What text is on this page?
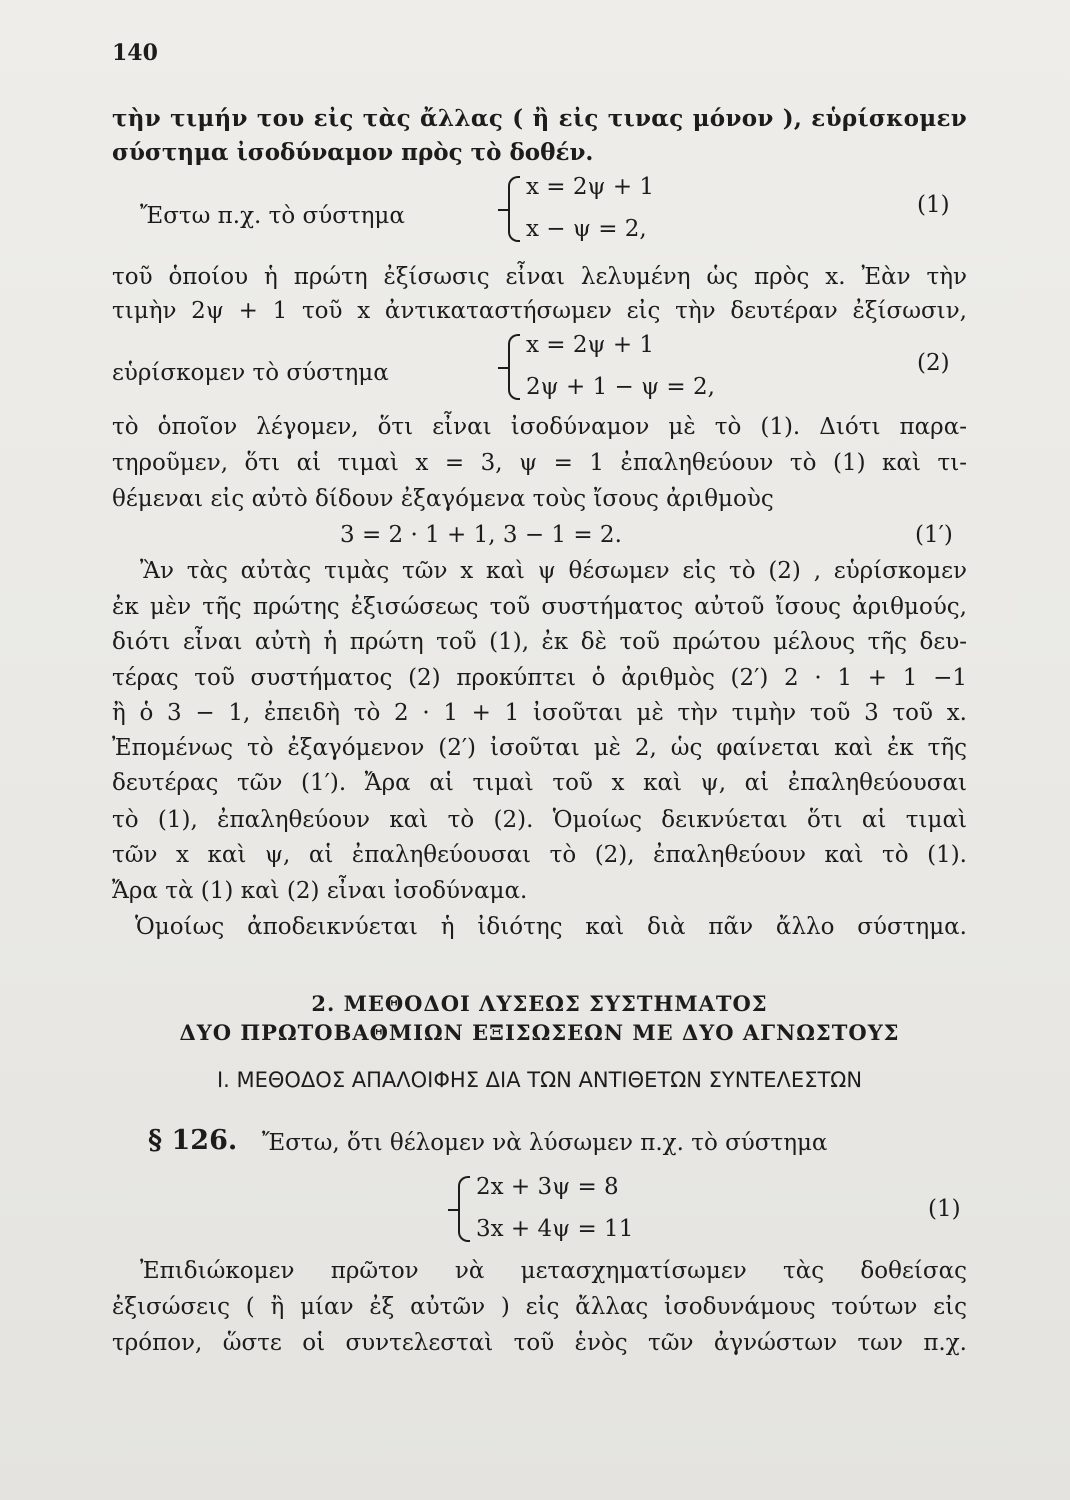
140
τὴν τιμήν του εἰς τὰς ἄλλας ( ἢ εἰς τινας μόνον ), εὑρίσκομεν
σύστημα ἰσοδύναμον πρὸς τὸ δοθέν.
Ἔστω π.χ. τὸ σύστημα
x = 2ψ + 1
x − ψ = 2,
(1)
τοῦ ὁποίου ἡ πρώτη ἐξίσωσις εἶναι λελυμένη ὡς πρὸς x. Ἐὰν τὴν
τιμὴν 2ψ + 1 τοῦ x ἀντικαταστήσωμεν εἰς τὴν δευτέραν ἐξίσωσιν,
εὑρίσκομεν τὸ σύστημα
x = 2ψ + 1
2ψ + 1 − ψ = 2,
(2)
τὸ ὁποῖον λέγομεν, ὅτι εἶναι ἰσοδύναμον μὲ τὸ (1). Διότι παρα-
τηροῦμεν, ὅτι αἱ τιμαὶ x = 3, ψ = 1 ἐπαληθεύουν τὸ (1) καὶ τι-
θέμεναι εἰς αὐτὸ δίδουν ἐξαγόμενα τοὺς ἴσους ἀριθμοὺς
3 = 2 · 1 + 1, 3 − 1 = 2.	(1′)
Ἂν τὰς αὐτὰς τιμὰς τῶν x καὶ ψ θέσωμεν εἰς τὸ (2) , εὑρίσκομεν
ἐκ μὲν τῆς πρώτης ἐξισώσεως τοῦ συστήματος αὐτοῦ ἴσους ἀριθμούς,
διότι εἶναι αὐτὴ ἡ πρώτη τοῦ (1), ἐκ δὲ τοῦ πρώτου μέλους τῆς δευ-
τέρας τοῦ συστήματος (2) προκύπτει ὁ ἀριθμὸς (2′) 2 · 1 + 1 −1
ἢ ὁ 3 − 1, ἐπειδὴ τὸ 2 · 1 + 1 ἰσοῦται μὲ τὴν τιμὴν τοῦ 3 τοῦ x.
Ἐπομένως τὸ ἐξαγόμενον (2′) ἰσοῦται μὲ 2, ὡς φαίνεται καὶ ἐκ τῆς
δευτέρας τῶν (1′). Ἄρα αἱ τιμαὶ τοῦ x καὶ ψ, αἱ ἐπαληθεύουσαι
τὸ (1), ἐπαληθεύουν καὶ τὸ (2). Ὁμοίως δεικνύεται ὅτι αἱ τιμαὶ
τῶν x καὶ ψ, αἱ ἐπαληθεύουσαι τὸ (2), ἐπαληθεύουν καὶ τὸ (1).
Ἄρα τὰ (1) καὶ (2) εἶναι ἰσοδύναμα.
Ὁμοίως ἀποδεικνύεται ἡ ἰδιότης καὶ διὰ πᾶν ἄλλο σύστημα.
2. ΜΕΘΟΔΟΙ ΛΥΣΕΩΣ ΣΥΣΤΗΜΑΤΟΣ
ΔΥΟ ΠΡΩΤΟΒΑΘΜΙΩΝ ΕΞΙΣΩΣΕΩΝ ΜΕ ΔΥΟ ΑΓΝΩΣΤΟΥΣ
Ι. ΜΕΘΟΔΟΣ ΑΠΑΛΟΙΦΗΣ ΔΙΑ ΤΩΝ ΑΝΤΙΘΕΤΩΝ ΣΥΝΤΕΛΕΣΤΩΝ
§ 126. Ἔστω, ὅτι θέλομεν νὰ λύσωμεν π.χ. τὸ σύστημα
2x + 3ψ = 8
3x + 4ψ = 11
(1)
Ἐπιδιώκομεν πρῶτον νὰ μετασχηματίσωμεν τὰς δοθείσας
ἐξισώσεις ( ἢ μίαν ἐξ αὐτῶν ) εἰς ἄλλας ἰσοδυνάμους τούτων εἰς
τρόπον, ὥστε οἱ συντελεσταὶ τοῦ ἑνὸς τῶν ἀγνώστων των π.χ.
